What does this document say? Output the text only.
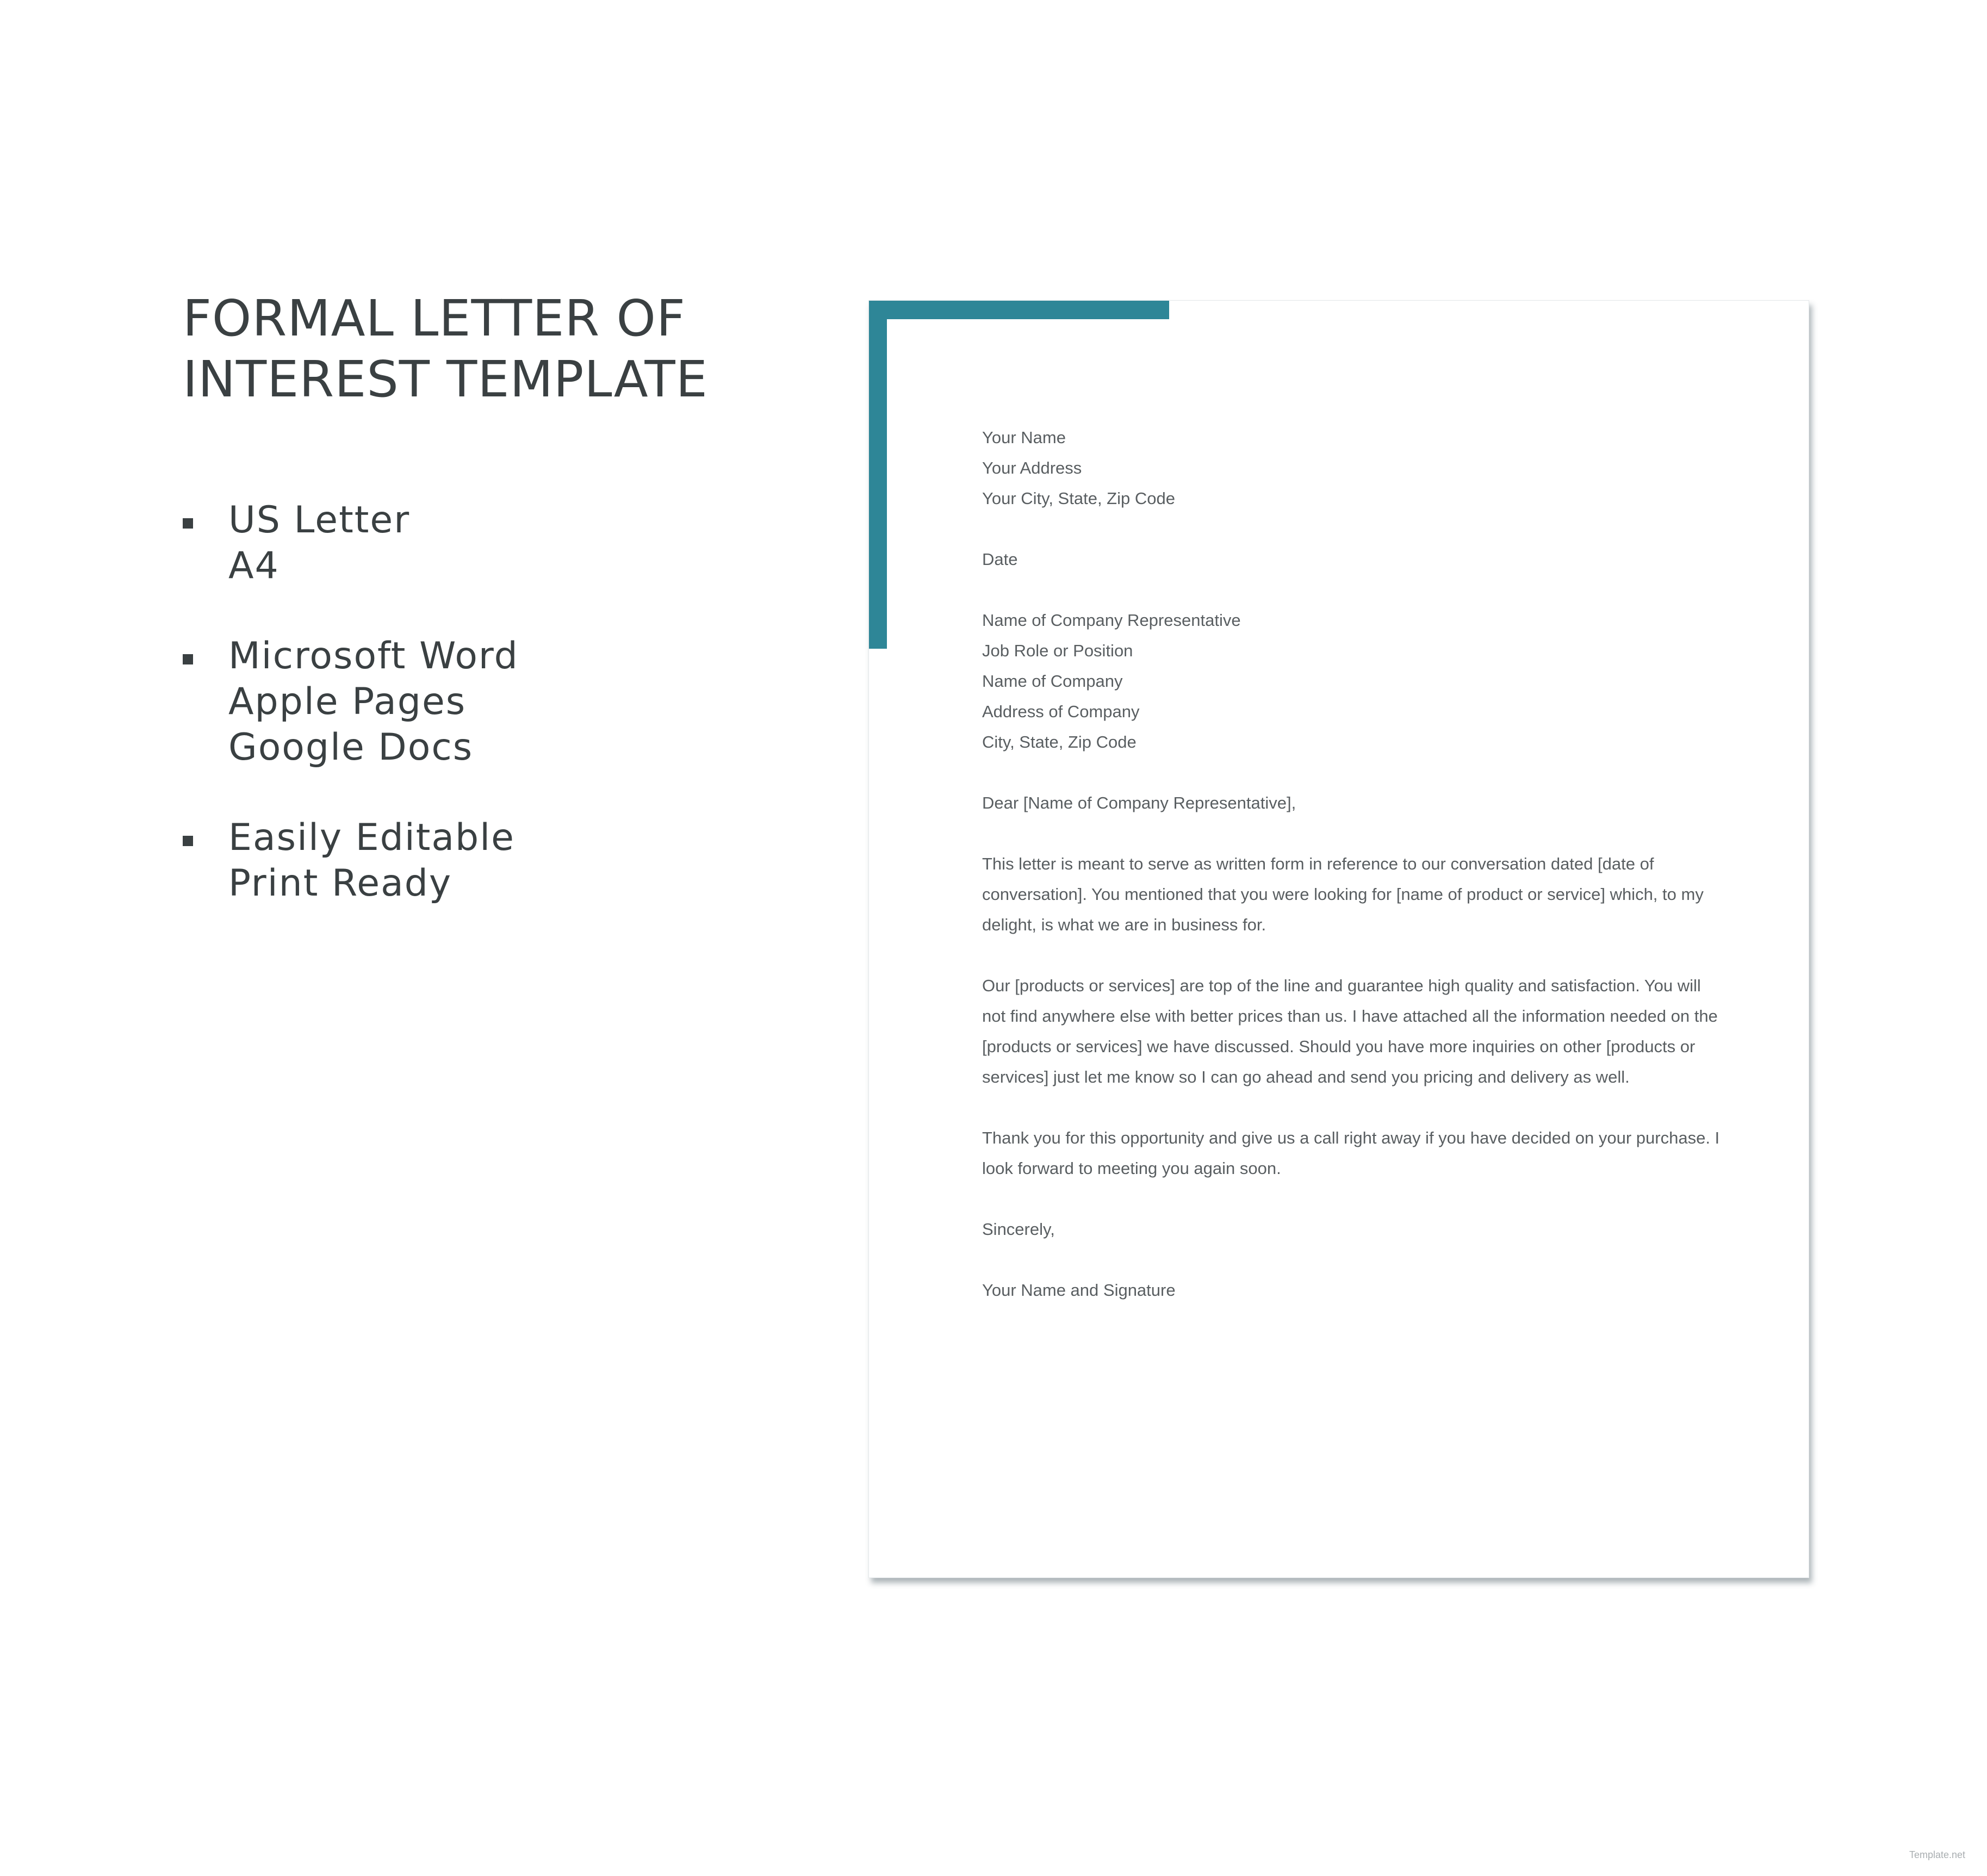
FORMAL LETTER OF
INTEREST TEMPLATE
US Letter
A4
Microsoft Word
Apple Pages
Google Docs
Easily Editable
Print Ready

Your Name
Your Address
Your City, State, Zip Code

Date

Name of Company Representative
Job Role or Position
Name of Company
Address of Company
City, State, Zip Code

Dear [Name of Company Representative],

This letter is meant to serve as written form in reference to our conversation dated [date of
conversation]. You mentioned that you were looking for [name of product or service] which, to my
delight, is what we are in business for.

Our [products or services] are top of the line and guarantee high quality and satisfaction. You will
not find anywhere else with better prices than us. I have attached all the information needed on the
[products or services] we have discussed. Should you have more inquiries on other [products or
services] just let me know so I can go ahead and send you pricing and delivery as well.

Thank you for this opportunity and give us a call right away if you have decided on your purchase. I
look forward to meeting you again soon.

Sincerely,

Your Name and Signature

Template.net
